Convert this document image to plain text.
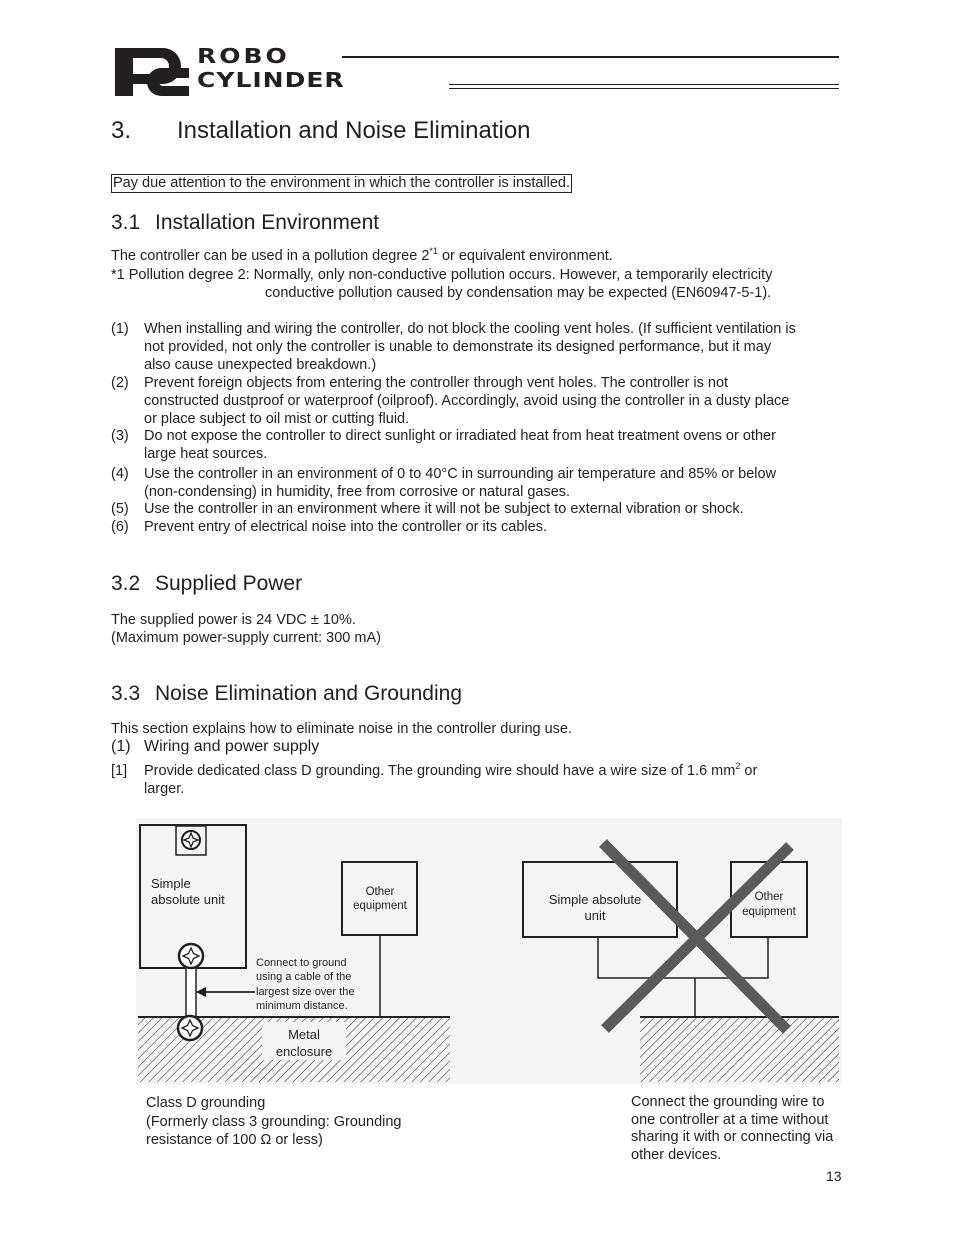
ROBO
CYLINDER
3. Installation and Noise Elimination
Pay due attention to the environment in which the controller is installed.
3.1 Installation Environment
The controller can be used in a pollution degree 2$^{*1}$ or equivalent environment.
*1 Pollution degree 2: Normally, only non-conductive pollution occurs. However, a temporarily electricity
conductive pollution caused by condensation may be expected (EN60947-5-1).
(1) When installing and wiring the controller, do not block the cooling vent holes. (If sufficient ventilation is
not provided, not only the controller is unable to demonstrate its designed performance, but it may
also cause unexpected breakdown.)
(2) Prevent foreign objects from entering the controller through vent holes. The controller is not
constructed dustproof or waterproof (oilproof). Accordingly, avoid using the controller in a dusty place
or place subject to oil mist or cutting fluid.
(3) Do not expose the controller to direct sunlight or irradiated heat from heat treatment ovens or other
large heat sources.
(4) Use the controller in an environment of 0 to 40°C in surrounding air temperature and 85% or below
(non-condensing) in humidity, free from corrosive or natural gases.
(5) Use the controller in an environment where it will not be subject to external vibration or shock.
(6) Prevent entry of electrical noise into the controller or its cables.
3.2 Supplied Power
The supplied power is 24 VDC ± 10%.
(Maximum power-supply current: 300 mA)
3.3 Noise Elimination and Grounding
This section explains how to eliminate noise in the controller during use.
(1) Wiring and power supply
[1] Provide dedicated class D grounding. The grounding wire should have a wire size of 1.6 $mm^2$ or
larger.
Simple
absolute unit	Other
equipment
Connect to ground
using a cable of the
largest size over the
minimum distance.
Metal
enclosure
Simple absolute
unit
Other
equipment
Class D grounding
(Formerly class 3 grounding: Grounding
resistance of 100 Ω or less)
Connect the grounding wire to
one controller at a time without
sharing it with or connecting via
other devices.
13
